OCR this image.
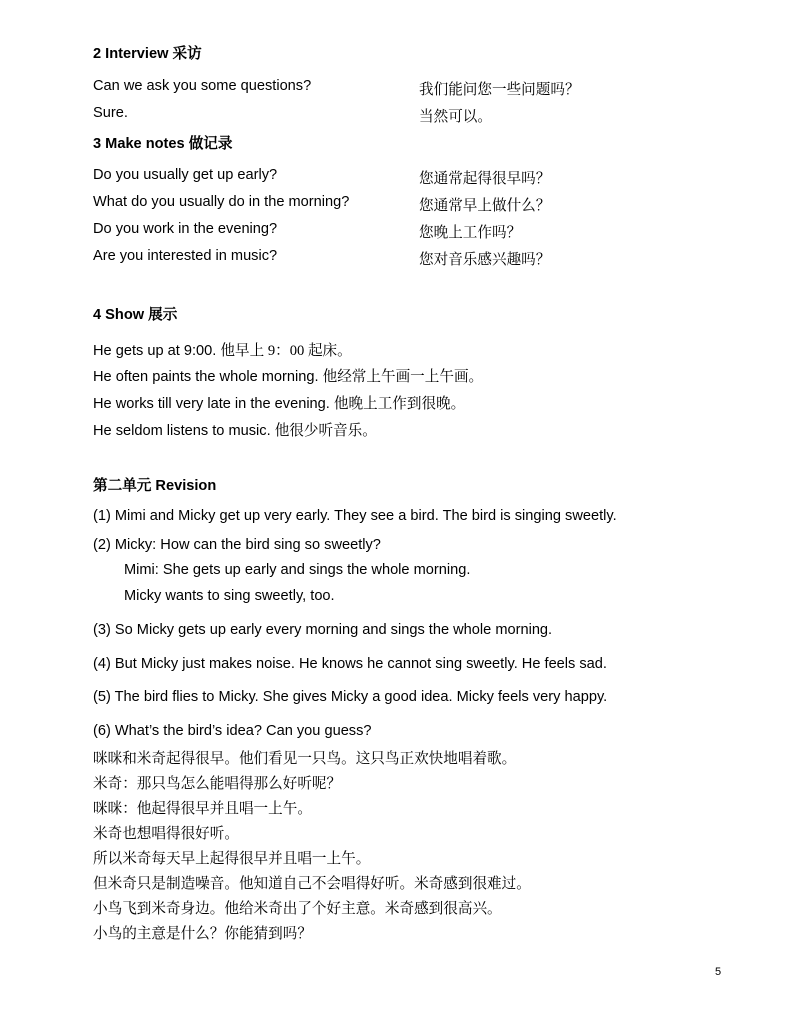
2 Interview 采访
Can we ask you some questions?	我们能问您一些问题吗？
Sure.	当然可以。
3 Make notes 做记录
Do you usually get up early?	您通常起得很早吗？
What do you usually do in the morning?	您通常早上做什么？
Do you work in the evening?	您晚上工作吗？
Are you interested in music?	您对音乐感兴趣吗？
4 Show 展示
He gets up at 9:00. 他早上 9：00 起床。
He often paints the whole morning. 他经常上午画一上午画。
He works till very late in the evening. 他晚上工作到很晚。
He seldom listens to music. 他很少听音乐。
第二单元 Revision
(1) Mimi and Micky get up very early. They see a bird. The bird is singing sweetly.
(2) Micky: How can the bird sing so sweetly?
Mimi: She gets up early and sings the whole morning.
Micky wants to sing sweetly, too.
(3) So Micky gets up early every morning and sings the whole morning.
(4) But Micky just makes noise. He knows he cannot sing sweetly. He feels sad.
(5) The bird flies to Micky. She gives Micky a good idea. Micky feels very happy.
(6) What’s the bird’s idea? Can you guess?
咪咪和米奇起得很早。他们看见一只鸟。这只鸟正欢快地唱着歌。
米奇：那只鸟怎么能唱得那么好听呢？
咪咪：他起得很早并且唱一上午。
米奇也想唱得很好听。
所以米奇每天早上起得很早并且唱一上午。
但米奇只是制造噪音。他知道自己不会唱得好听。米奇感到很难过。
小鸟飞到米奇身边。他给米奇出了个好主意。米奇感到很高兴。
小鸟的主意是什么？你能猜到吗？
5
